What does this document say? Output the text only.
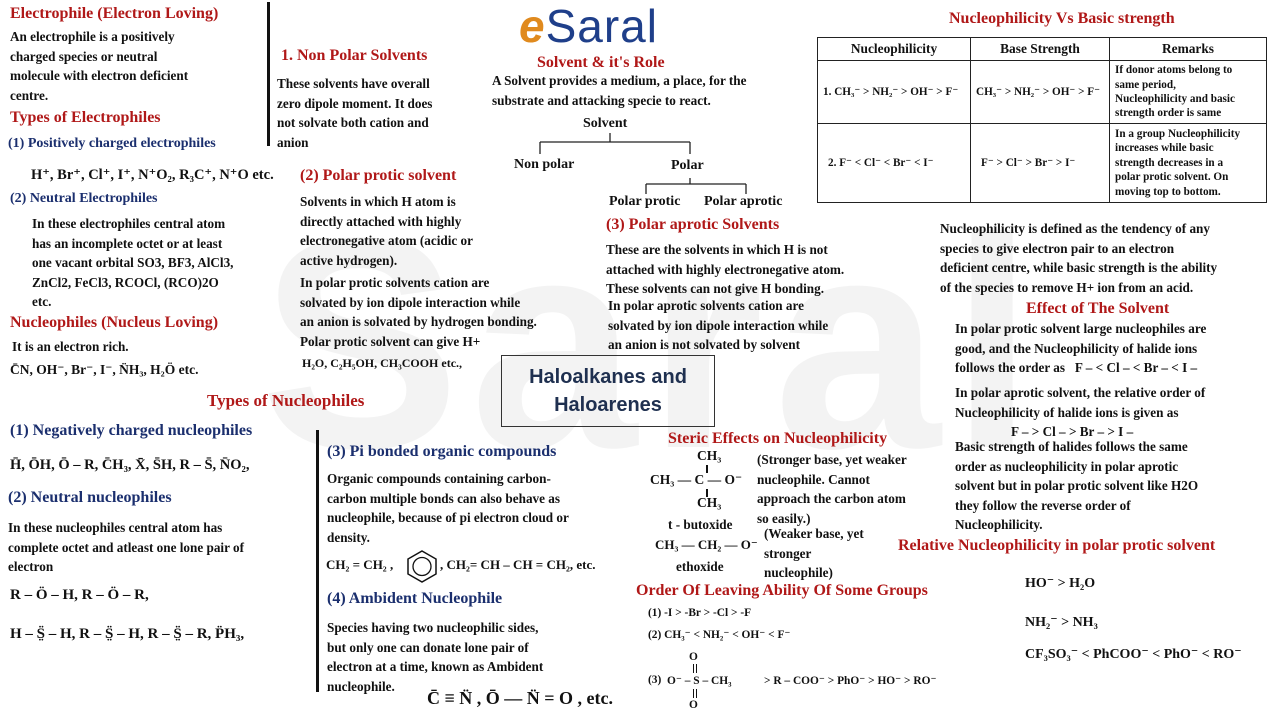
eSaral
Electrophile (Electron Loving)
An electrophile is a positively
charged species or neutral
molecule with electron deficient
centre.
Types of Electrophiles
(1) Positively charged electrophiles
H⁺, Br⁺, Cl⁺, I⁺, N⁺O₂, R₃C⁺, N⁺O etc.
(2) Neutral Electrophiles
In these electrophiles central atom
has an incomplete octet or at least
one vacant orbital SO3, BF3, AlCl3,
ZnCl2, FeCl3, RCOCl, (RCO)2O
etc.
Nucleophiles (Nucleus Loving)
It is an electron rich.
C̄N, OH⁻, Br⁻, I⁻, N̈H₃, H₂Ö etc.
Types of Nucleophiles
(1) Negatively charged nucleophiles
H̄, ŌH, Ō – R, C̄H₃, X̄, S̄H, R – S̄, N̄O₂,
(2) Neutral nucleophiles
In these nucleophiles central atom has
complete octet and atleast one lone pair of
electron
R – Ö – H, R – Ö – R,
H – S̤̈ – H, R – S̤̈ – H, R – S̤̈ – R, P̈H₃,
1. Non Polar Solvents
These solvents have overall
zero dipole moment. It does
not solvate both cation and
anion
(2) Polar protic solvent
Solvents in which H atom is
directly attached with highly
electronegative atom (acidic or
active hydrogen).
In polar protic solvents cation are
solvated by ion dipole interaction while
an anion is solvated by hydrogen bonding.
Polar protic solvent can give H+
H₂O, C₂H₅OH, CH₃COOH etc.,
Solvent & it's Role
A Solvent provides a medium, a place, for the
substrate and attacking specie to react.
Solvent
Non polar	Polar
Polar protic Polar aprotic
(3) Polar aprotic Solvents
These are the solvents in which H is not
attached with highly electronegative atom.
These solvents can not give H bonding.
In polar aprotic solvents cation are
solvated by ion dipole interaction while
an anion is not solvated by solvent
Haloalkanes and
Haloarenes
Nucleophilicity Vs Basic strength
Nucleophilicity	Base Strength	Remarks
1. CH₃⁻ > NH₂⁻ > OH⁻ > F⁻	CH₃⁻ > NH₂⁻ > OH⁻ > F⁻	If donor atoms belong to
same period,
Nucleophilicity and basic
strength order is same

2. F⁻ < Cl⁻ < Br⁻ < I⁻	F⁻ > Cl⁻ > Br⁻ > I⁻	In a group Nucleophilicity
increases while basic
strength decreases in a
polar protic solvent. On
moving top to bottom.
Nucleophilicity is defined as the tendency of any
species to give electron pair to an electron
deficient centre, while basic strength is the ability
of the species to remove H+ ion from an acid.
Effect of The Solvent
In polar protic solvent large nucleophiles are
good, and the Nucleophilicity of halide ions
follows the order as F – < Cl – < Br – < I –
In polar aprotic solvent, the relative order of
Nucleophilicity of halide ions is given as
F – > Cl – > Br – > I –
Basic strength of halides follows the same
order as nucleophilicity in polar aprotic
solvent but in polar protic solvent like H2O
they follow the reverse order of
Nucleophilicity.
Relative Nucleophilicity in polar protic solvent
HO⁻ > H₂O
NH₂⁻ > NH₃
CF₃SO₃⁻ < PhCOO⁻ < PhO⁻ < RO⁻
(3) Pi bonded organic compounds
Organic compounds containing carbon-
carbon multiple bonds can also behave as
nucleophile, because of pi electron cloud or
density.
CH₂ = CH₂ ,	, CH₂= CH – CH = CH₂, etc.
(4) Ambident Nucleophile
Species having two nucleophilic sides,
but only one can donate lone pair of
electron at a time, known as Ambident
nucleophile.
C̄ ≡ N̈ , Ō — N̈ = O , etc.
Steric Effects on Nucleophilicity
CH₃
CH₃ — C — O⁻
CH₃
t - butoxide
(Stronger base, yet weaker
nucleophile. Cannot
approach the carbon atom
so easily.)
CH₃ — CH₂ — O⁻
ethoxide
(Weaker base, yet
stronger
nucleophile)
Order Of Leaving Ability Of Some Groups
(1) -I > -Br > -Cl > -F
(2) CH₃⁻ < NH₂⁻ < OH⁻ < F⁻
(3)
O
O⁻ – S – CH₃
O
> R – COO⁻ > PhO⁻ > HO⁻ > RO⁻
